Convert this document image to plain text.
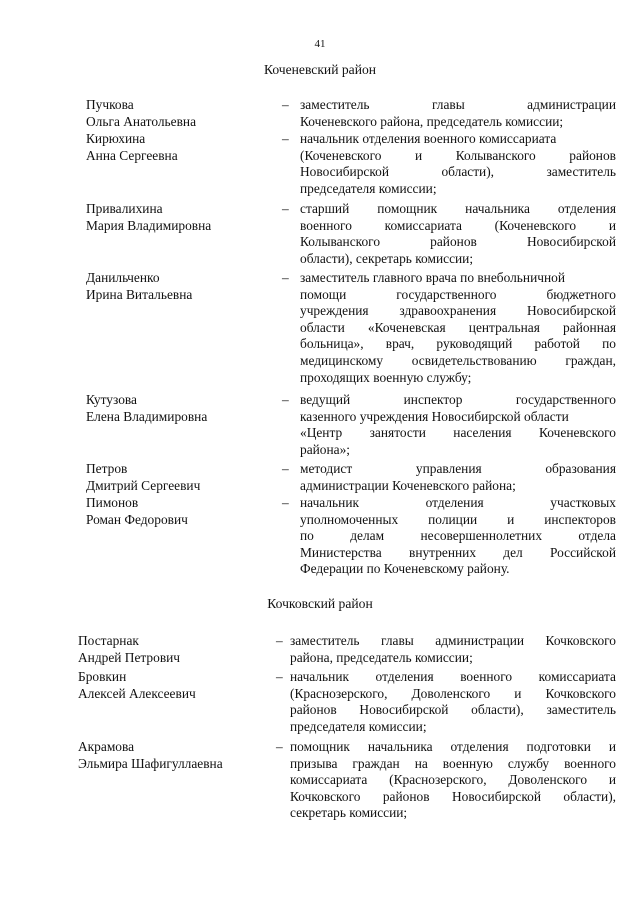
41
Коченевский район
Пучкова
Ольга Анатольевна
– заместитель главы администрации
Коченевского района, председатель комиссии;
Кирюхина
Анна Сергеевна
– начальник отделения военного комиссариата
(Коченевского и Колыванского районов
Новосибирской области), заместитель
председателя комиссии;
Привалихина
Мария Владимировна
– старший помощник начальника отделения
военного комиссариата (Коченевского и
Колыванского районов Новосибирской
области), секретарь комиссии;
Данильченко
Ирина Витальевна
– заместитель главного врача по внебольничной
помощи государственного бюджетного
учреждения здравоохранения Новосибирской
области «Коченевская центральная районная
больница», врач, руководящий работой по
медицинскому освидетельствованию граждан,
проходящих военную службу;
Кутузова
Елена Владимировна
– ведущий инспектор государственного
казенного учреждения Новосибирской области
«Центр занятости населения Коченевского
района»;
Петров
Дмитрий Сергеевич
– методист управления образования
администрации Коченевского района;
Пимонов
Роман Федорович
– начальник отделения участковых
уполномоченных полиции и инспекторов
по делам несовершеннолетних отдела
Министерства внутренних дел Российской
Федерации по Коченевскому району.
Кочковский район
Постарнак
Андрей Петрович
– заместитель главы администрации Кочковского
района, председатель комиссии;
Бровкин
Алексей Алексеевич
– начальник отделения военного комиссариата
(Краснозерского, Доволенского и Кочковского
районов Новосибирской области), заместитель
председателя комиссии;
Акрамова
Эльмира Шафигуллаевна
– помощник начальника отделения подготовки и
призыва граждан на военную службу военного
комиссариата (Краснозерского, Доволенского и
Кочковского районов Новосибирской области),
секретарь комиссии;
